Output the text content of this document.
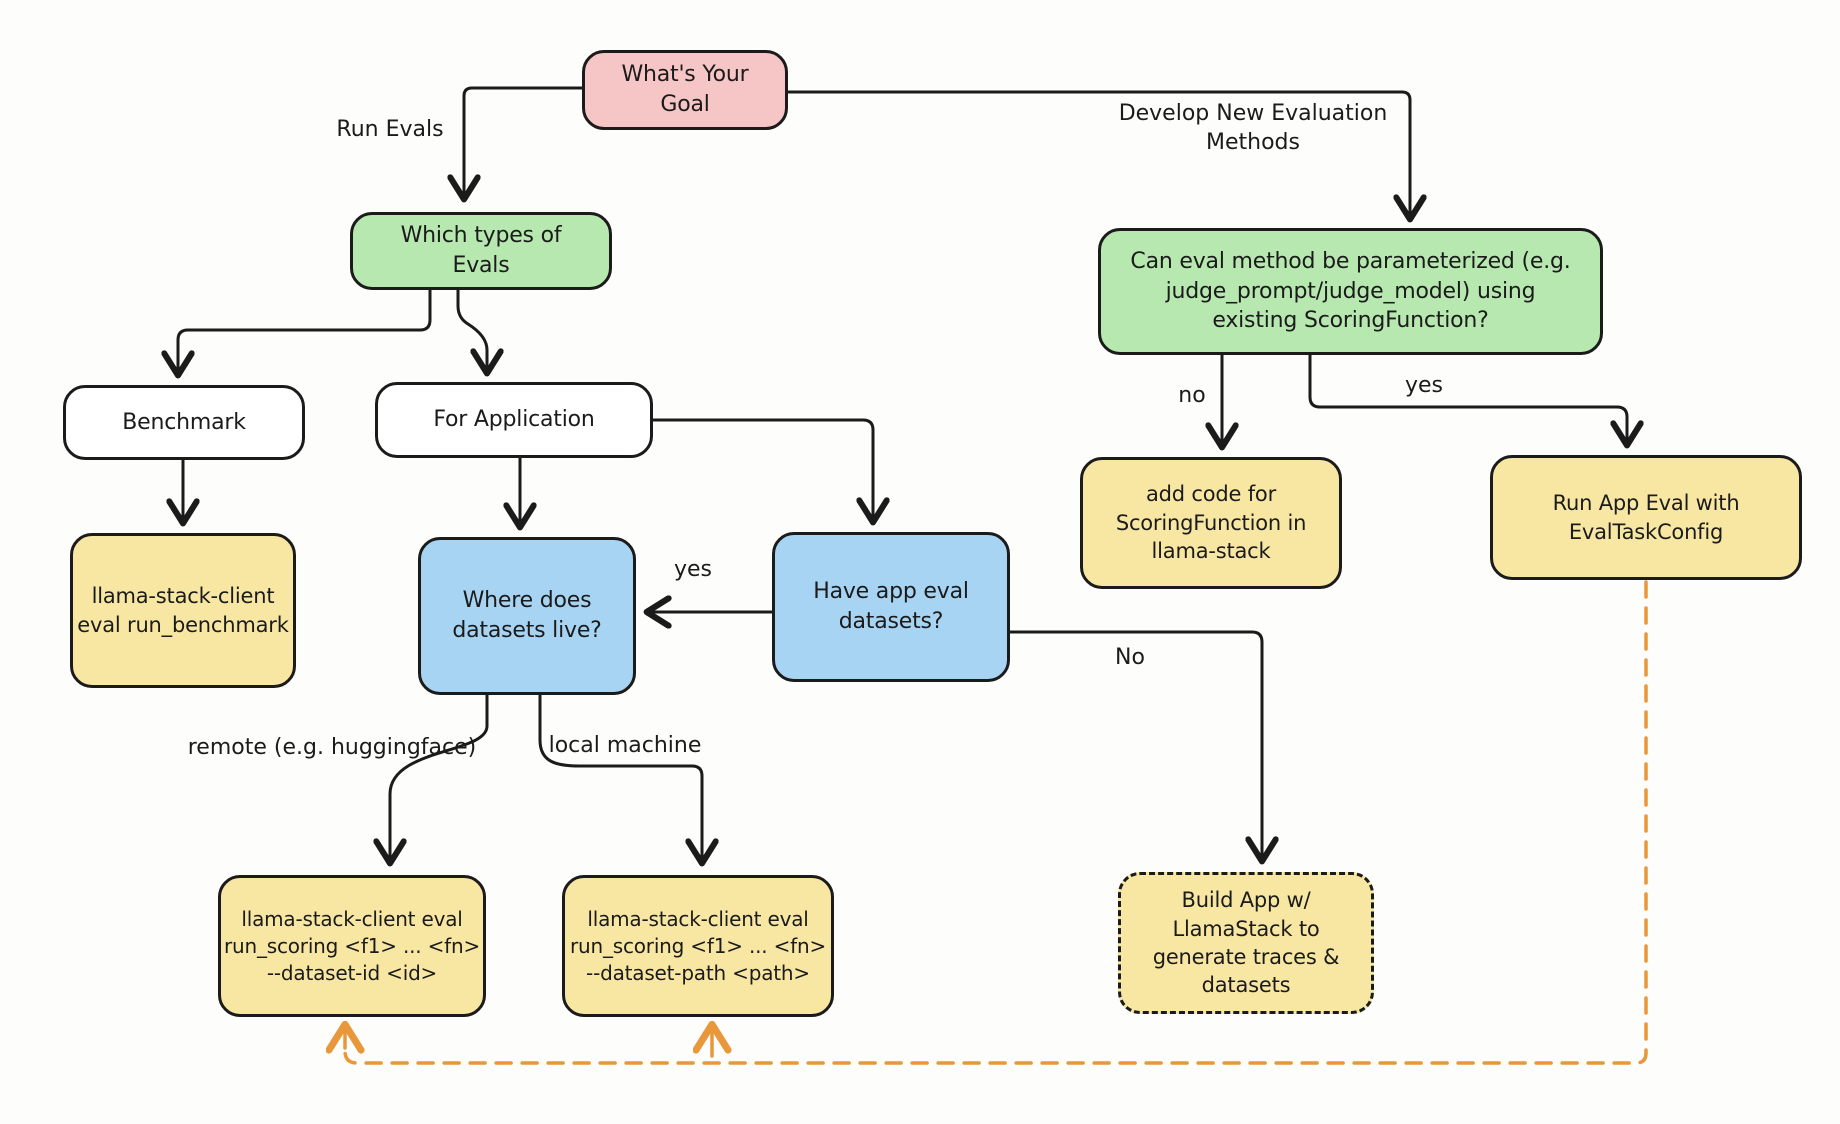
What's Your
Goal
Which types of
Evals	Can eval method be parameterized (e.g.
judge_prompt/judge_model) using
existing ScoringFunction?
Benchmark	For Application
llama-stack-client
eval run_benchmark
Where does
datasets live?
Have app eval
datasets?
add code for
ScoringFunction in
llama-stack
Run App Eval with
EvalTaskConfig
llama-stack-client eval
run_scoring <f1> ... <fn>
--dataset-id <id>
llama-stack-client eval
run_scoring <f1> ... <fn>
--dataset-path <path>
Build App w/
LlamaStack to
generate traces &
datasets
Run Evals
Develop New Evaluation
Methods
no	yes
yes
No
remote (e.g. huggingface)	local machine
